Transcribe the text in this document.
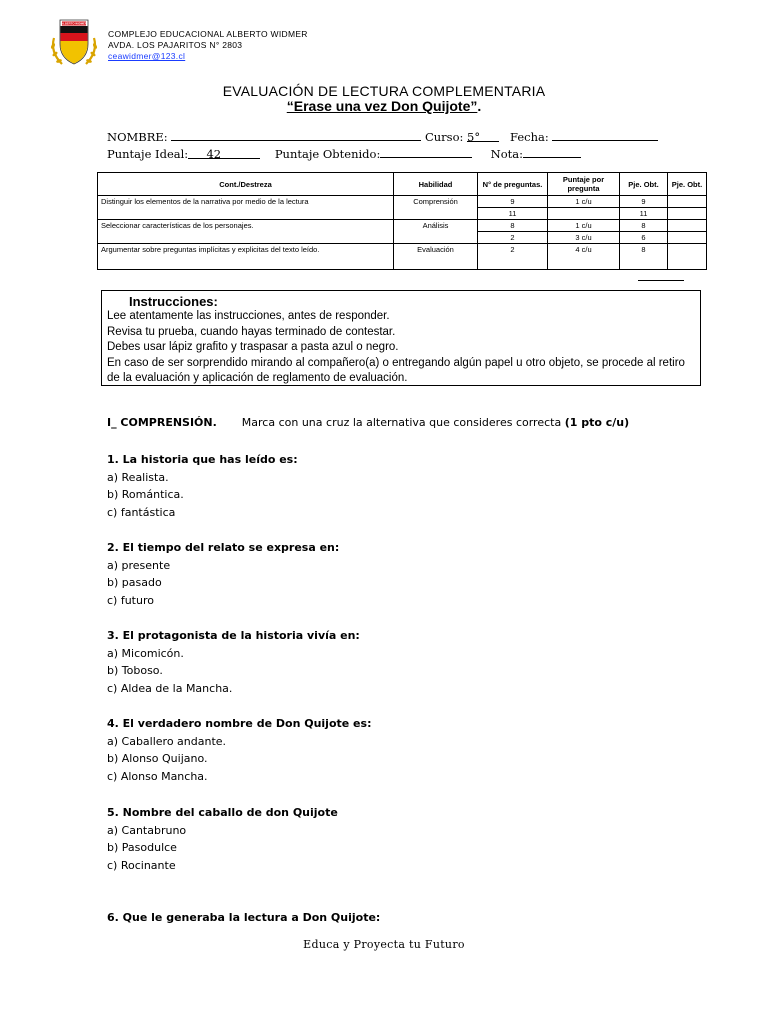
ALBERTO WIDMER
COMPLEJO EDUCACIONAL ALBERTO WIDMER
AVDA. LOS PAJARITOS N° 2803
ceawidmer@123.cl
EVALUACIÓN DE LECTURA COMPLEMENTARIA
“Erase una vez Don Quijote”.
NOMBRE:	Curso: 5°	Fecha:
Puntaje Ideal: 42	Puntaje Obtenido:	Nota:
Cont./Destreza	Habilidad	N° de preguntas.	Puntaje por pregunta	Pje. Obt.	Pje. Obt.
Distinguir los elementos de la narrativa por medio de la lectura	Comprensión	9	1 c/u	9	
		11		11	
Seleccionar características de los personajes.	Análisis	8	1 c/u	8	
		2	3 c/u	6	
Argumentar sobre preguntas implícitas y explicitas del texto leído.	Evaluación	2	4 c/u	8	
Instrucciones:
Lee atentamente las instrucciones, antes de responder.
Revisa tu prueba, cuando hayas terminado de contestar.
Debes usar lápiz grafito y traspasar a pasta azul o negro.
En caso de ser sorprendido mirando al compañero(a) o entregando algún papel u otro objeto, se procede al retiro de la evaluación y aplicación de reglamento de evaluación.
I_ COMPRENSIÓN. Marca con una cruz la alternativa que consideres correcta (1 pto c/u)
1. La historia que has leído es:
a) Realista.
b) Romántica.
c) fantástica
2. El tiempo del relato se expresa en:
a) presente
b) pasado
c) futuro
3. El protagonista de la historia vivía en:
a) Micomicón.
b) Toboso.
c) Aldea de la Mancha.
4. El verdadero nombre de Don Quijote es:
a) Caballero andante.
b) Alonso Quijano.
c) Alonso Mancha.
5. Nombre del caballo de don Quijote
a) Cantabruno
b) Pasodulce
c) Rocinante
6. Que le generaba la lectura a Don Quijote:
Educa y Proyecta tu Futuro
